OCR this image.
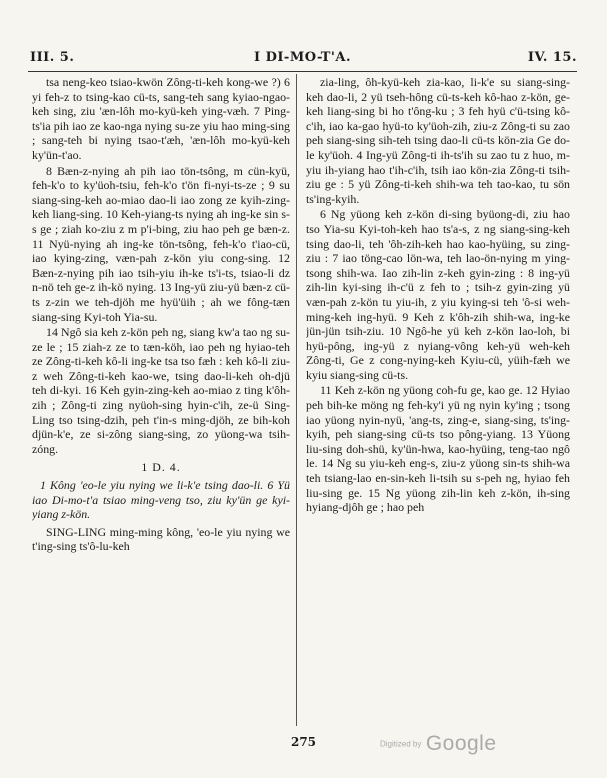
III. 5.	I DI-MO-T'A.	IV. 15.

tsa neng-keo tsiao-kwön Zông-ti-keh kong-we ?) 6 yi feh-z to tsing-kao cü-ts, sang-teh sang kyiao-ngao-keh sing, ziu 'æn-lôh mo-kyü-keh ying-væh. 7 Ping-ts'ia pih iao ze kao-nga nying su-ze yiu hao ming-sing ; sang-teh bi nying tsao-t'æh, 'æn-lôh mo-kyü-keh ky'ün-t'ao.

8 Bæn-z-nying ah pih iao tön-tsông, m cün-kyü, feh-k'o to ky'üoh-tsiu, feh-k'o t'ön fi-nyi-ts-ze ; 9 su siang-sing-keh ao-miao dao-li iao zong ze kyih-zing-keh liang-sing. 10 Keh-yiang-ts nying ah ing-ke sin s-s ge ; ziah ko-ziu z m p'i-bing, ziu hao peh ge bæn-z. 11 Nyü-nying ah ing-ke tön-tsông, feh-k'o t'iao-cü, iao kying-zing, væn-pah z-kön yiu cong-sing. 12 Bæn-z-nying pih iao tsih-yiu ih-ke ts'i-ts, tsiao-li dz n-nö teh ge-z ih-kö nying. 13 Ing-yü ziu-yü bæn-z cü-ts z-zin we teh-djöh me hyü'üih ; ah we fông-tæn siang-sing Kyi-toh Yia-su.

14 Ngô sia keh z-kön peh ng, siang kw'a tao ng su-ze le ; 15 ziah-z ze to tæn-köh, iao peh ng hyiao-teh ze Zông-ti-keh kô-li ing-ke tsa tso fæh : keh kô-li ziu-z weh Zông-ti-keh kao-we, tsing dao-li-keh oh-djü teh di-kyi. 16 Keh gyin-zing-keh ao-miao z ting k'ôh-zih ; Zông-ti zing nyüoh-sing hyin-c'ih, ze-ü Sing-Ling tso tsing-dzih, peh t'in-s ming-djöh, ze bih-koh djün-k'e, ze si-zông siang-sing, zo yüong-wa tsih-zóng.

1 D. 4.

1 Kông 'eo-le yiu nying we li-k'e tsing dao-li. 6 Yü iao Di-mo-t'a tsiao ming-veng tso, ziu ky'ün ge kyi-yiang z-kön.

SING-LING ming-ming kông, 'eo-le yiu nying we t'ing-sing ts'ô-lu-keh

zia-ling, ôh-kyü-keh zia-kao, li-k'e su siang-sing-keh dao-li, 2 yü tseh-hông cü-ts-keh kô-hao z-kön, ge-keh liang-sing bi ho t'ông-ku ; 3 feh hyü c'ü-tsing kô-c'ih, iao ka-gao hyü-to ky'üoh-zih, ziu-z Zông-ti su zao peh siang-sing sih-teh tsing dao-li cü-ts kön-zia Ge do-le ky'üoh. 4 Ing-yü Zông-ti ih-ts'ih su zao tu z huo, m-yiu ih-yiang hao t'ih-c'ih, tsih iao kön-zia Zông-ti tsih-ziu ge : 5 yü Zông-ti-keh shih-wa teh tao-kao, tu sön ts'ing-kyih.

6 Ng yüong keh z-kön di-sing byüong-di, ziu hao tso Yia-su Kyi-toh-keh hao ts'a-s, z ng siang-sing-keh tsing dao-li, teh 'ôh-zih-keh hao kao-hyüing, su zing-ziu : 7 iao töng-cao lön-wa, teh lao-ön-nying m ying-tsong shih-wa. Iao zih-lin z-keh gyin-zing : 8 ing-yü zih-lin kyi-sing ih-c'ü z feh to ; tsih-z gyin-zing yü væn-pah z-kön tu yiu-ih, z yiu kying-si teh 'ô-si weh-ming-keh ing-hyü. 9 Keh z k'ôh-zih shih-wa, ing-ke jün-jün tsih-ziu. 10 Ngô-he yü keh z-kön lao-loh, bi hyü-pông, ing-yü z nyiang-vông keh-yü weh-keh Zông-ti, Ge z cong-nying-keh Kyiu-cü, yüih-fæh we kyiu siang-sing cü-ts.

11 Keh z-kön ng yüong coh-fu ge, kao ge. 12 Hyiao peh bih-ke möng ng feh-ky'i yü ng nyin ky'ing ; tsong iao yüong nyin-nyü, 'ang-ts, zing-e, siang-sing, ts'ing-kyih, peh siang-sing cü-ts tso pông-yiang. 13 Yüong liu-sing doh-shü, ky'ün-hwa, kao-hyüing, teng-tao ngô le. 14 Ng su yiu-keh eng-s, ziu-z yüong sin-ts shih-wa teh tsiang-lao en-sin-keh li-tsih su s-peh ng, hyiao feh liu-sing ge. 15 Ng yüong zih-lin keh z-kön, ih-sing hyiang-djôh ge ; hao peh

275	Digitized by Google
